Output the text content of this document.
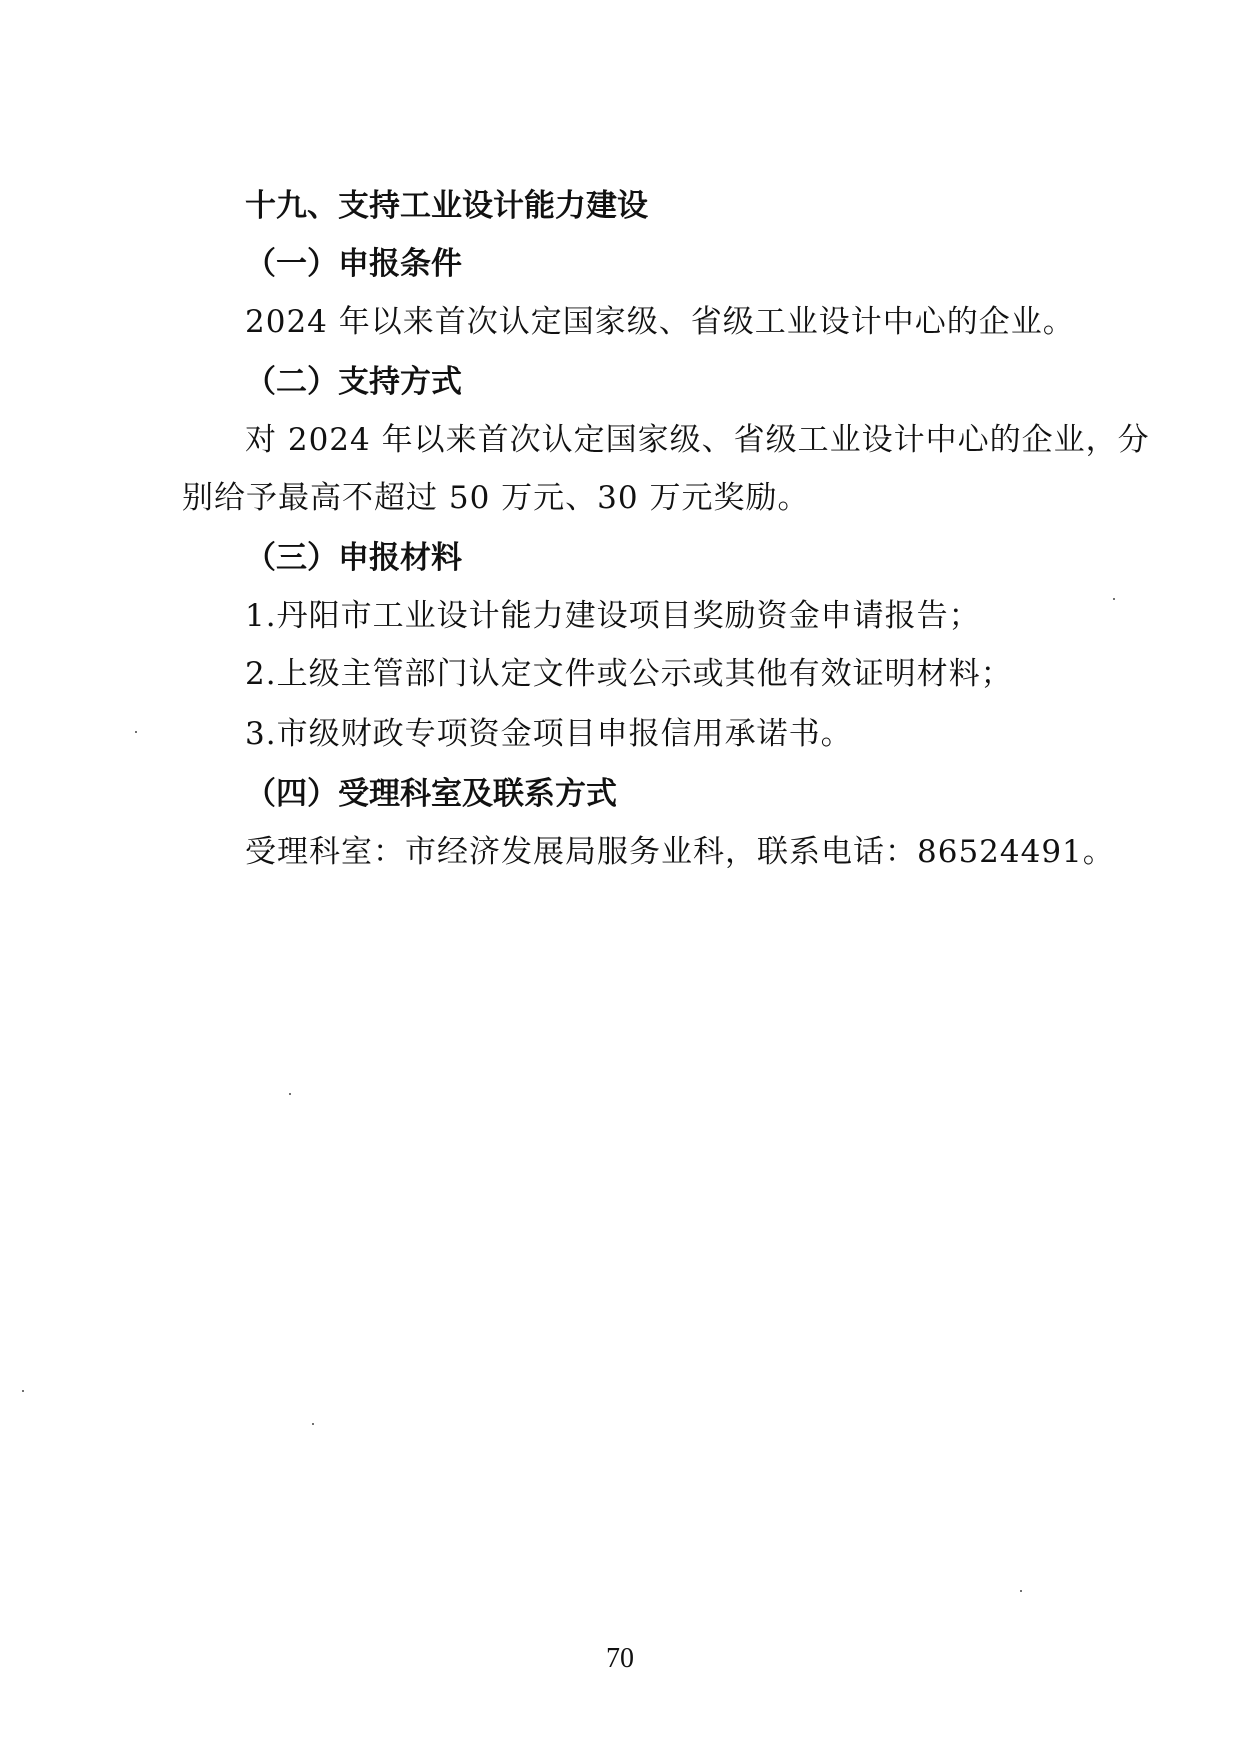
十九、支持工业设计能力建设
（一）申报条件
2024 年以来首次认定国家级、省级工业设计中心的企业。
（二）支持方式
对 2024 年以来首次认定国家级、省级工业设计中心的企业，分
别给予最高不超过 50 万元、30 万元奖励。
（三）申报材料
1.丹阳市工业设计能力建设项目奖励资金申请报告；
2.上级主管部门认定文件或公示或其他有效证明材料；
3.市级财政专项资金项目申报信用承诺书。
（四）受理科室及联系方式
受理科室：市经济发展局服务业科，联系电话：86524491。
70
